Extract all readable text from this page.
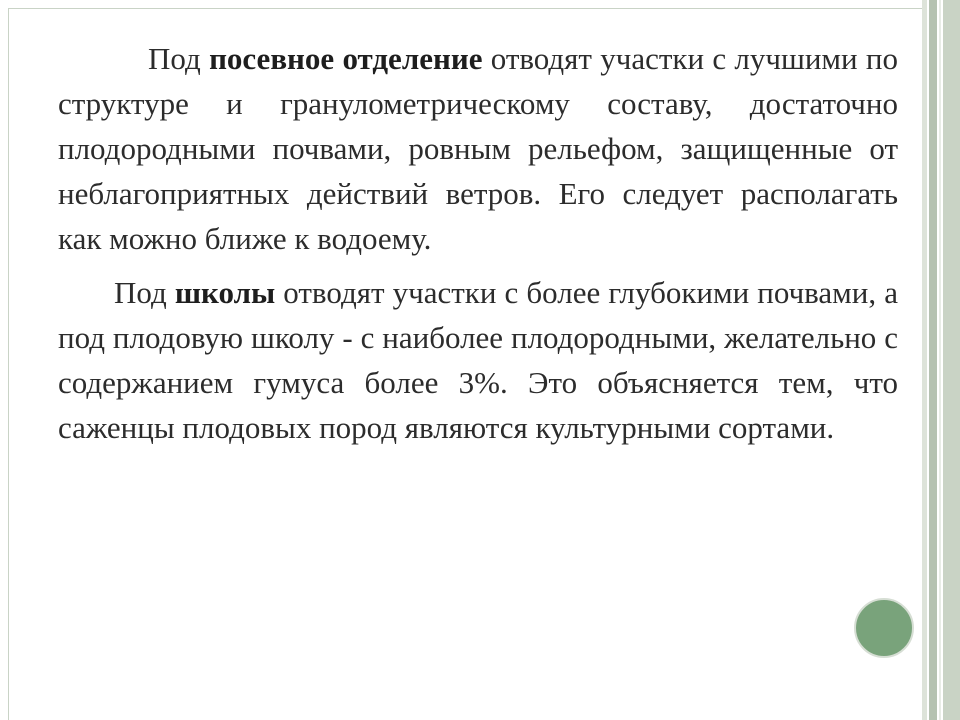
Под посевное отделение отводят участки с лучшими по структуре и гранулометрическому составу, достаточно плодородными почвами, ровным рельефом, защищенные от неблагоприятных действий ветров. Его следует располагать как можно ближе к водоему.

Под школы отводят участки с более глубокими почвами, а под плодовую школу - с наиболее плодородными, желательно с содержанием гумуса более 3%. Это объясняется тем, что саженцы плодовых пород являются культурными сортами.
